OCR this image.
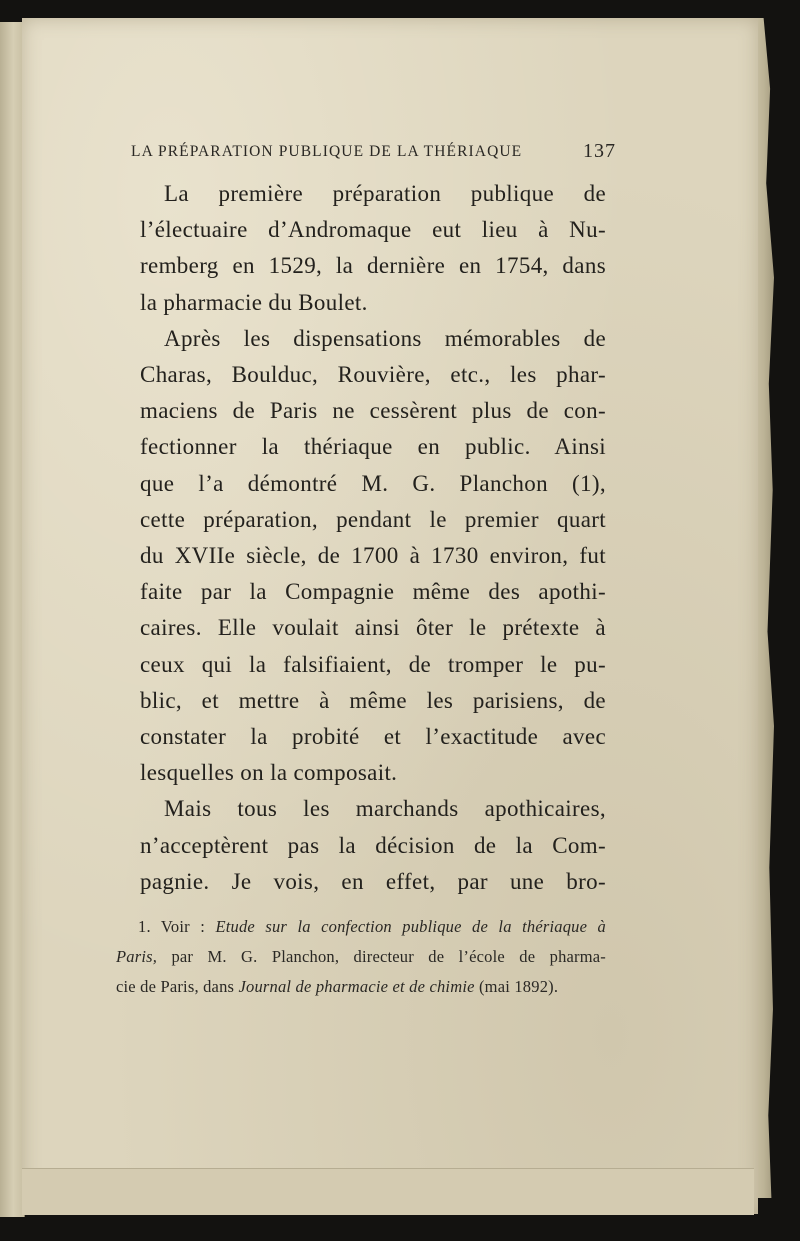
LA PRÉPARATION PUBLIQUE DE LA THÉRIAQUE	137

La première préparation publique de
l’électuaire d’Andromaque eut lieu à Nu-
remberg en 1529, la dernière en 1754, dans
la pharmacie du Boulet.

Après les dispensations mémorables de
Charas, Boulduc, Rouvière, etc., les phar-
maciens de Paris ne cessèrent plus de con-
fectionner la thériaque en public. Ainsi
que l’a démontré M. G. Planchon (1),
cette préparation, pendant le premier quart
du XVIIe siècle, de 1700 à 1730 environ, fut
faite par la Compagnie même des apothi-
caires. Elle voulait ainsi ôter le prétexte à
ceux qui la falsifiaient, de tromper le pu-
blic, et mettre à même les parisiens, de
constater la probité et l’exactitude avec
lesquelles on la composait.

Mais tous les marchands apothicaires,
n’acceptèrent pas la décision de la Com-
pagnie. Je vois, en effet, par une bro-

1. Voir : Etude sur la confection publique de la thériaque à
Paris, par M. G. Planchon, directeur de l’école de pharma-
cie de Paris, dans Journal de pharmacie et de chimie (mai 1892).
